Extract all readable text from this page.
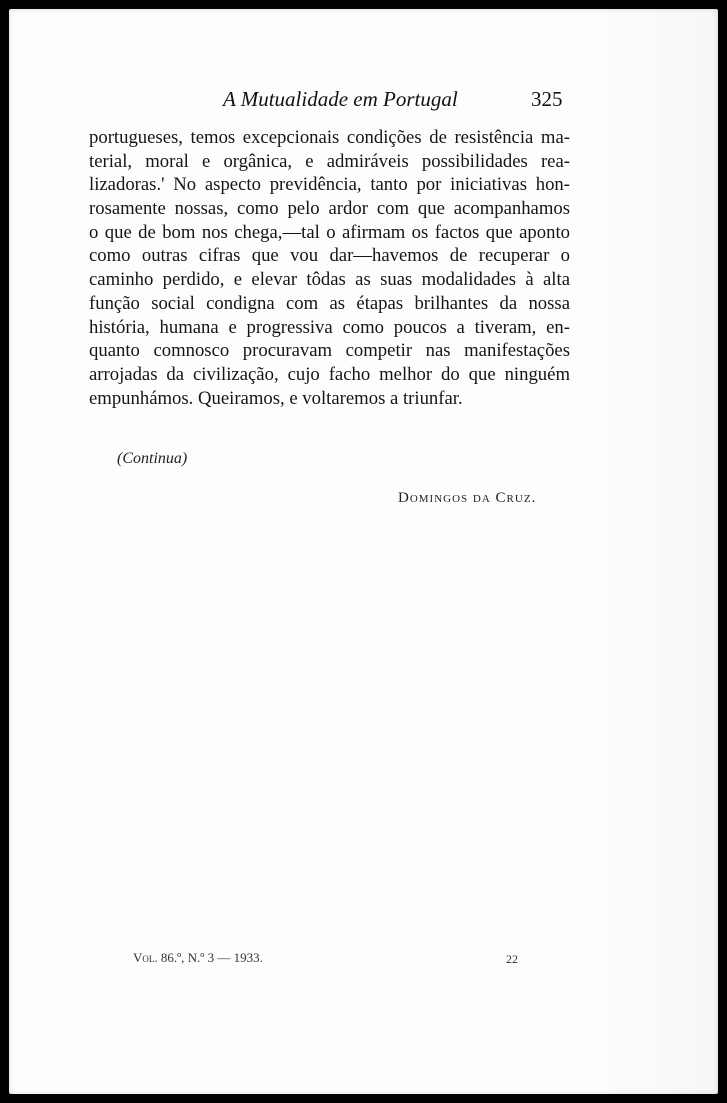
A Mutualidade em Portugal	325
portugueses, temos excepcionais condições de resistência ma-
terial, moral e orgânica, e admiráveis possibilidades rea-
lizadoras.' No aspecto previdência, tanto por iniciativas hon-
rosamente nossas, como pelo ardor com que acompanhamos
o que de bom nos chega,—tal o afirmam os factos que aponto
como outras cifras que vou dar—havemos de recuperar o
caminho perdido, e elevar tôdas as suas modalidades à alta
função social condigna com as étapas brilhantes da nossa
história, humana e progressiva como poucos a tiveram, en-
quanto comnosco procuravam competir nas manifestações
arrojadas da civilização, cujo facho melhor do que ninguém
empunhámos. Queiramos, e voltaremos a triunfar.
(Continua)
Domingos da Cruz.
Vol. 86.º, N.º 3 — 1933.	22
